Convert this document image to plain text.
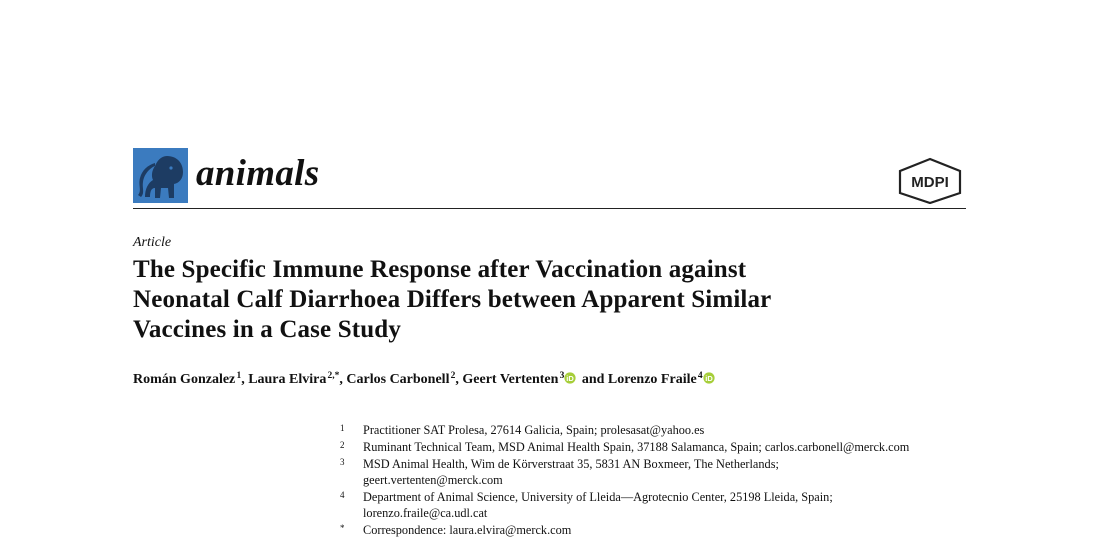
animals	MDPI
Article
The Specific Immune Response after Vaccination against
Neonatal Calf Diarrhoea Differs between Apparent Similar
Vaccines in a Case Study
Román Gonzalez $^1$, Laura Elvira $^{2,*}$, Carlos Carbonell $^2$, Geert Vertenten $^3$ iD and Lorenzo Fraile $^4$ iD
1	Practitioner SAT Prolesa, 27614 Galicia, Spain; prolesasat@yahoo.es
2	Ruminant Technical Team, MSD Animal Health Spain, 37188 Salamanca, Spain; carlos.carbonell@merck.com
3	MSD Animal Health, Wim de Körverstraat 35, 5831 AN Boxmeer, The Netherlands;
geert.vertenten@merck.com
4	Department of Animal Science, University of Lleida—Agrotecnio Center, 25198 Lleida, Spain;
lorenzo.fraile@ca.udl.cat
*	Correspondence: laura.elvira@merck.com
